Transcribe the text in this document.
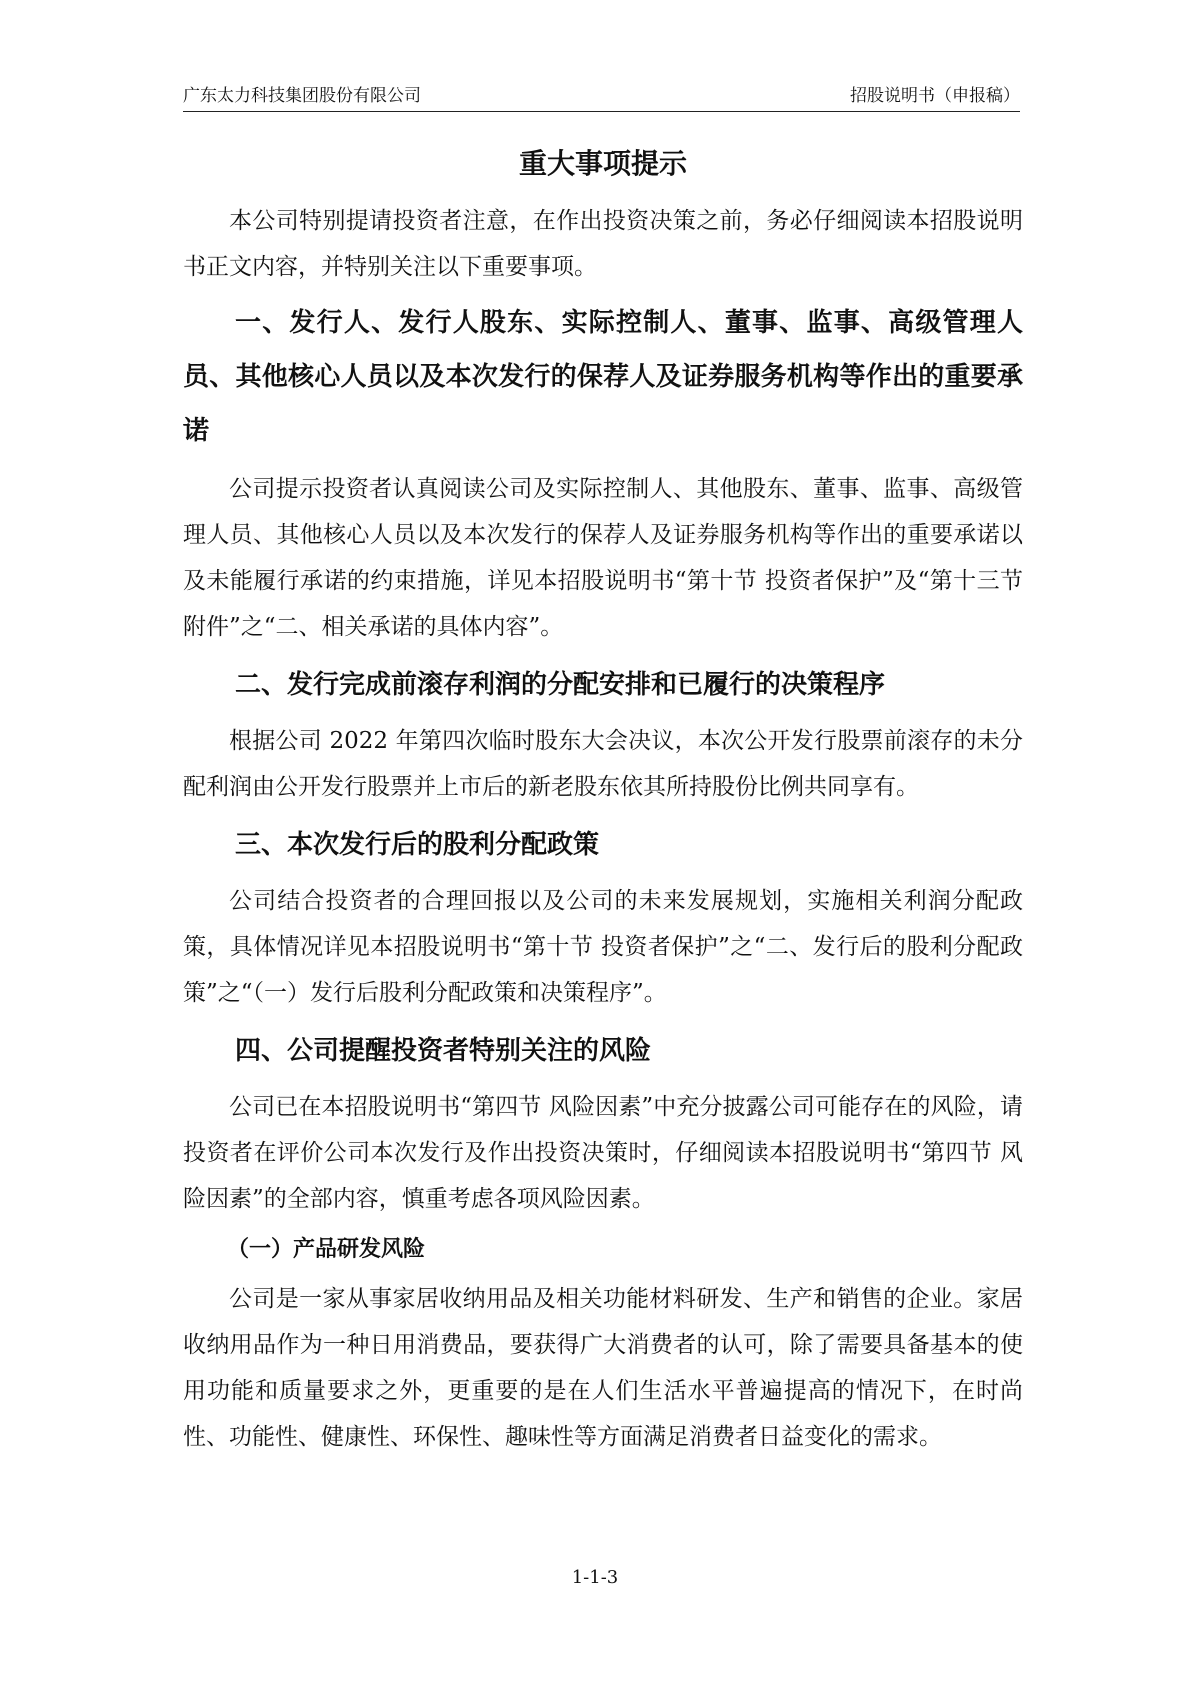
广东太力科技集团股份有限公司	招股说明书（申报稿）
重大事项提示

本公司特别提请投资者注意，在作出投资决策之前，务必仔细阅读本招股说明书正文内容，并特别关注以下重要事项。

一、发行人、发行人股东、实际控制人、董事、监事、高级管理人员、其他核心人员以及本次发行的保荐人及证券服务机构等作出的重要承诺

公司提示投资者认真阅读公司及实际控制人、其他股东、董事、监事、高级管理人员、其他核心人员以及本次发行的保荐人及证券服务机构等作出的重要承诺以及未能履行承诺的约束措施，详见本招股说明书“第十节 投资者保护”及“第十三节 附件”之“二、相关承诺的具体内容”。

二、发行完成前滚存利润的分配安排和已履行的决策程序

根据公司 2022 年第四次临时股东大会决议，本次公开发行股票前滚存的未分配利润由公开发行股票并上市后的新老股东依其所持股份比例共同享有。

三、本次发行后的股利分配政策

公司结合投资者的合理回报以及公司的未来发展规划，实施相关利润分配政策，具体情况详见本招股说明书“第十节 投资者保护”之“二、发行后的股利分配政策”之“（一）发行后股利分配政策和决策程序”。

四、公司提醒投资者特别关注的风险

公司已在本招股说明书“第四节 风险因素”中充分披露公司可能存在的风险，请投资者在评价公司本次发行及作出投资决策时，仔细阅读本招股说明书“第四节 风险因素”的全部内容，慎重考虑各项风险因素。

（一）产品研发风险

公司是一家从事家居收纳用品及相关功能材料研发、生产和销售的企业。家居收纳用品作为一种日用消费品，要获得广大消费者的认可，除了需要具备基本的使用功能和质量要求之外，更重要的是在人们生活水平普遍提高的情况下，在时尚性、功能性、健康性、环保性、趣味性等方面满足消费者日益变化的需求。

1-1-3
